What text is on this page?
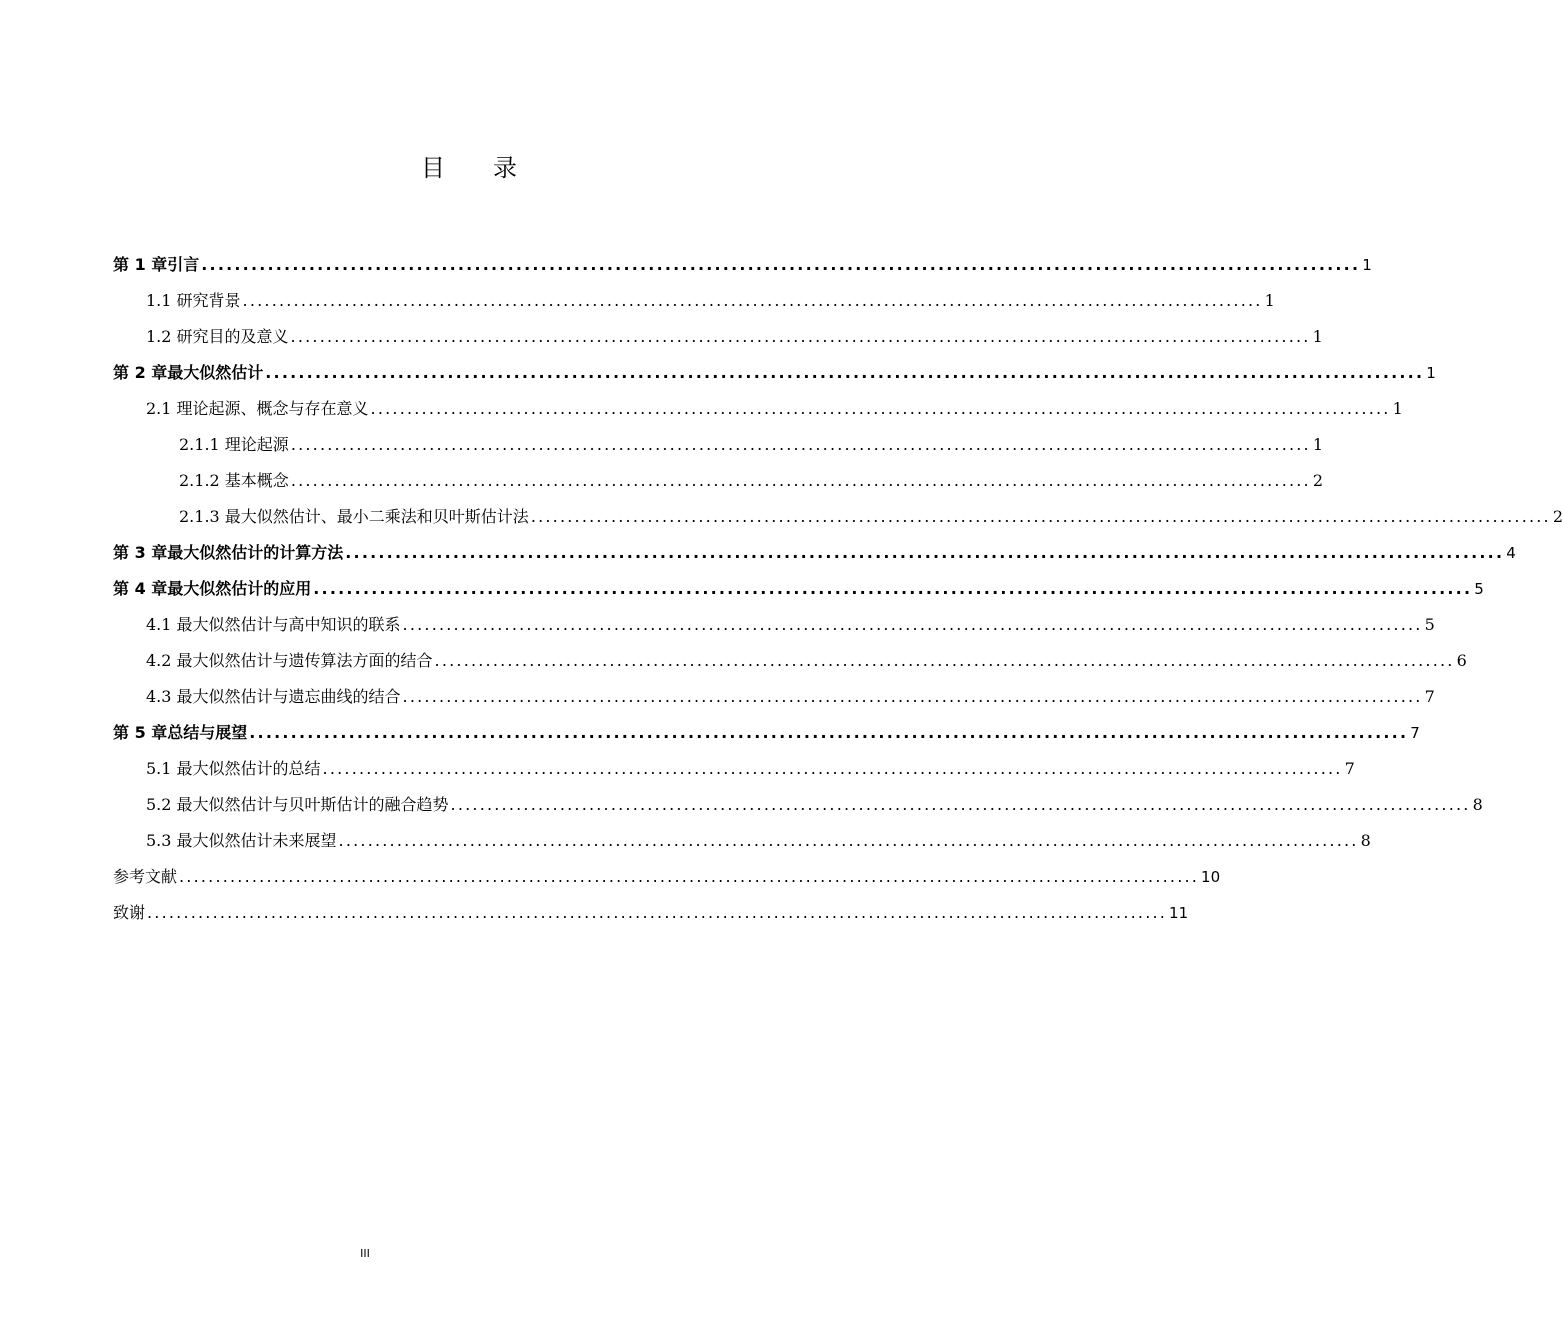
目　录
第 1 章引言 ............................................................................................................................................ 1
1.1 研究背景 ............................................................................................................................................ 1
1.2 研究目的及意义 ............................................................................................................................................ 1
第 2 章最大似然估计 ............................................................................................................................................ 1
2.1 理论起源、概念与存在意义 ............................................................................................................................................ 1
2.1.1 理论起源 ............................................................................................................................................ 1
2.1.2 基本概念 ............................................................................................................................................ 2
2.1.3 最大似然估计、最小二乘法和贝叶斯估计法 ............................................................................................................................................ 2
第 3 章最大似然估计的计算方法 ............................................................................................................................................ 4
第 4 章最大似然估计的应用 ............................................................................................................................................ 5
4.1 最大似然估计与高中知识的联系 ............................................................................................................................................ 5
4.2 最大似然估计与遗传算法方面的结合 ............................................................................................................................................ 6
4.3 最大似然估计与遗忘曲线的结合 ............................................................................................................................................ 7
第 5 章总结与展望 ............................................................................................................................................ 7
5.1 最大似然估计的总结 ............................................................................................................................................ 7
5.2 最大似然估计与贝叶斯估计的融合趋势 ............................................................................................................................................ 8
5.3 最大似然估计未来展望 ............................................................................................................................................ 8
参考文献 ............................................................................................................................................ 10
致谢 ............................................................................................................................................ 11
III
